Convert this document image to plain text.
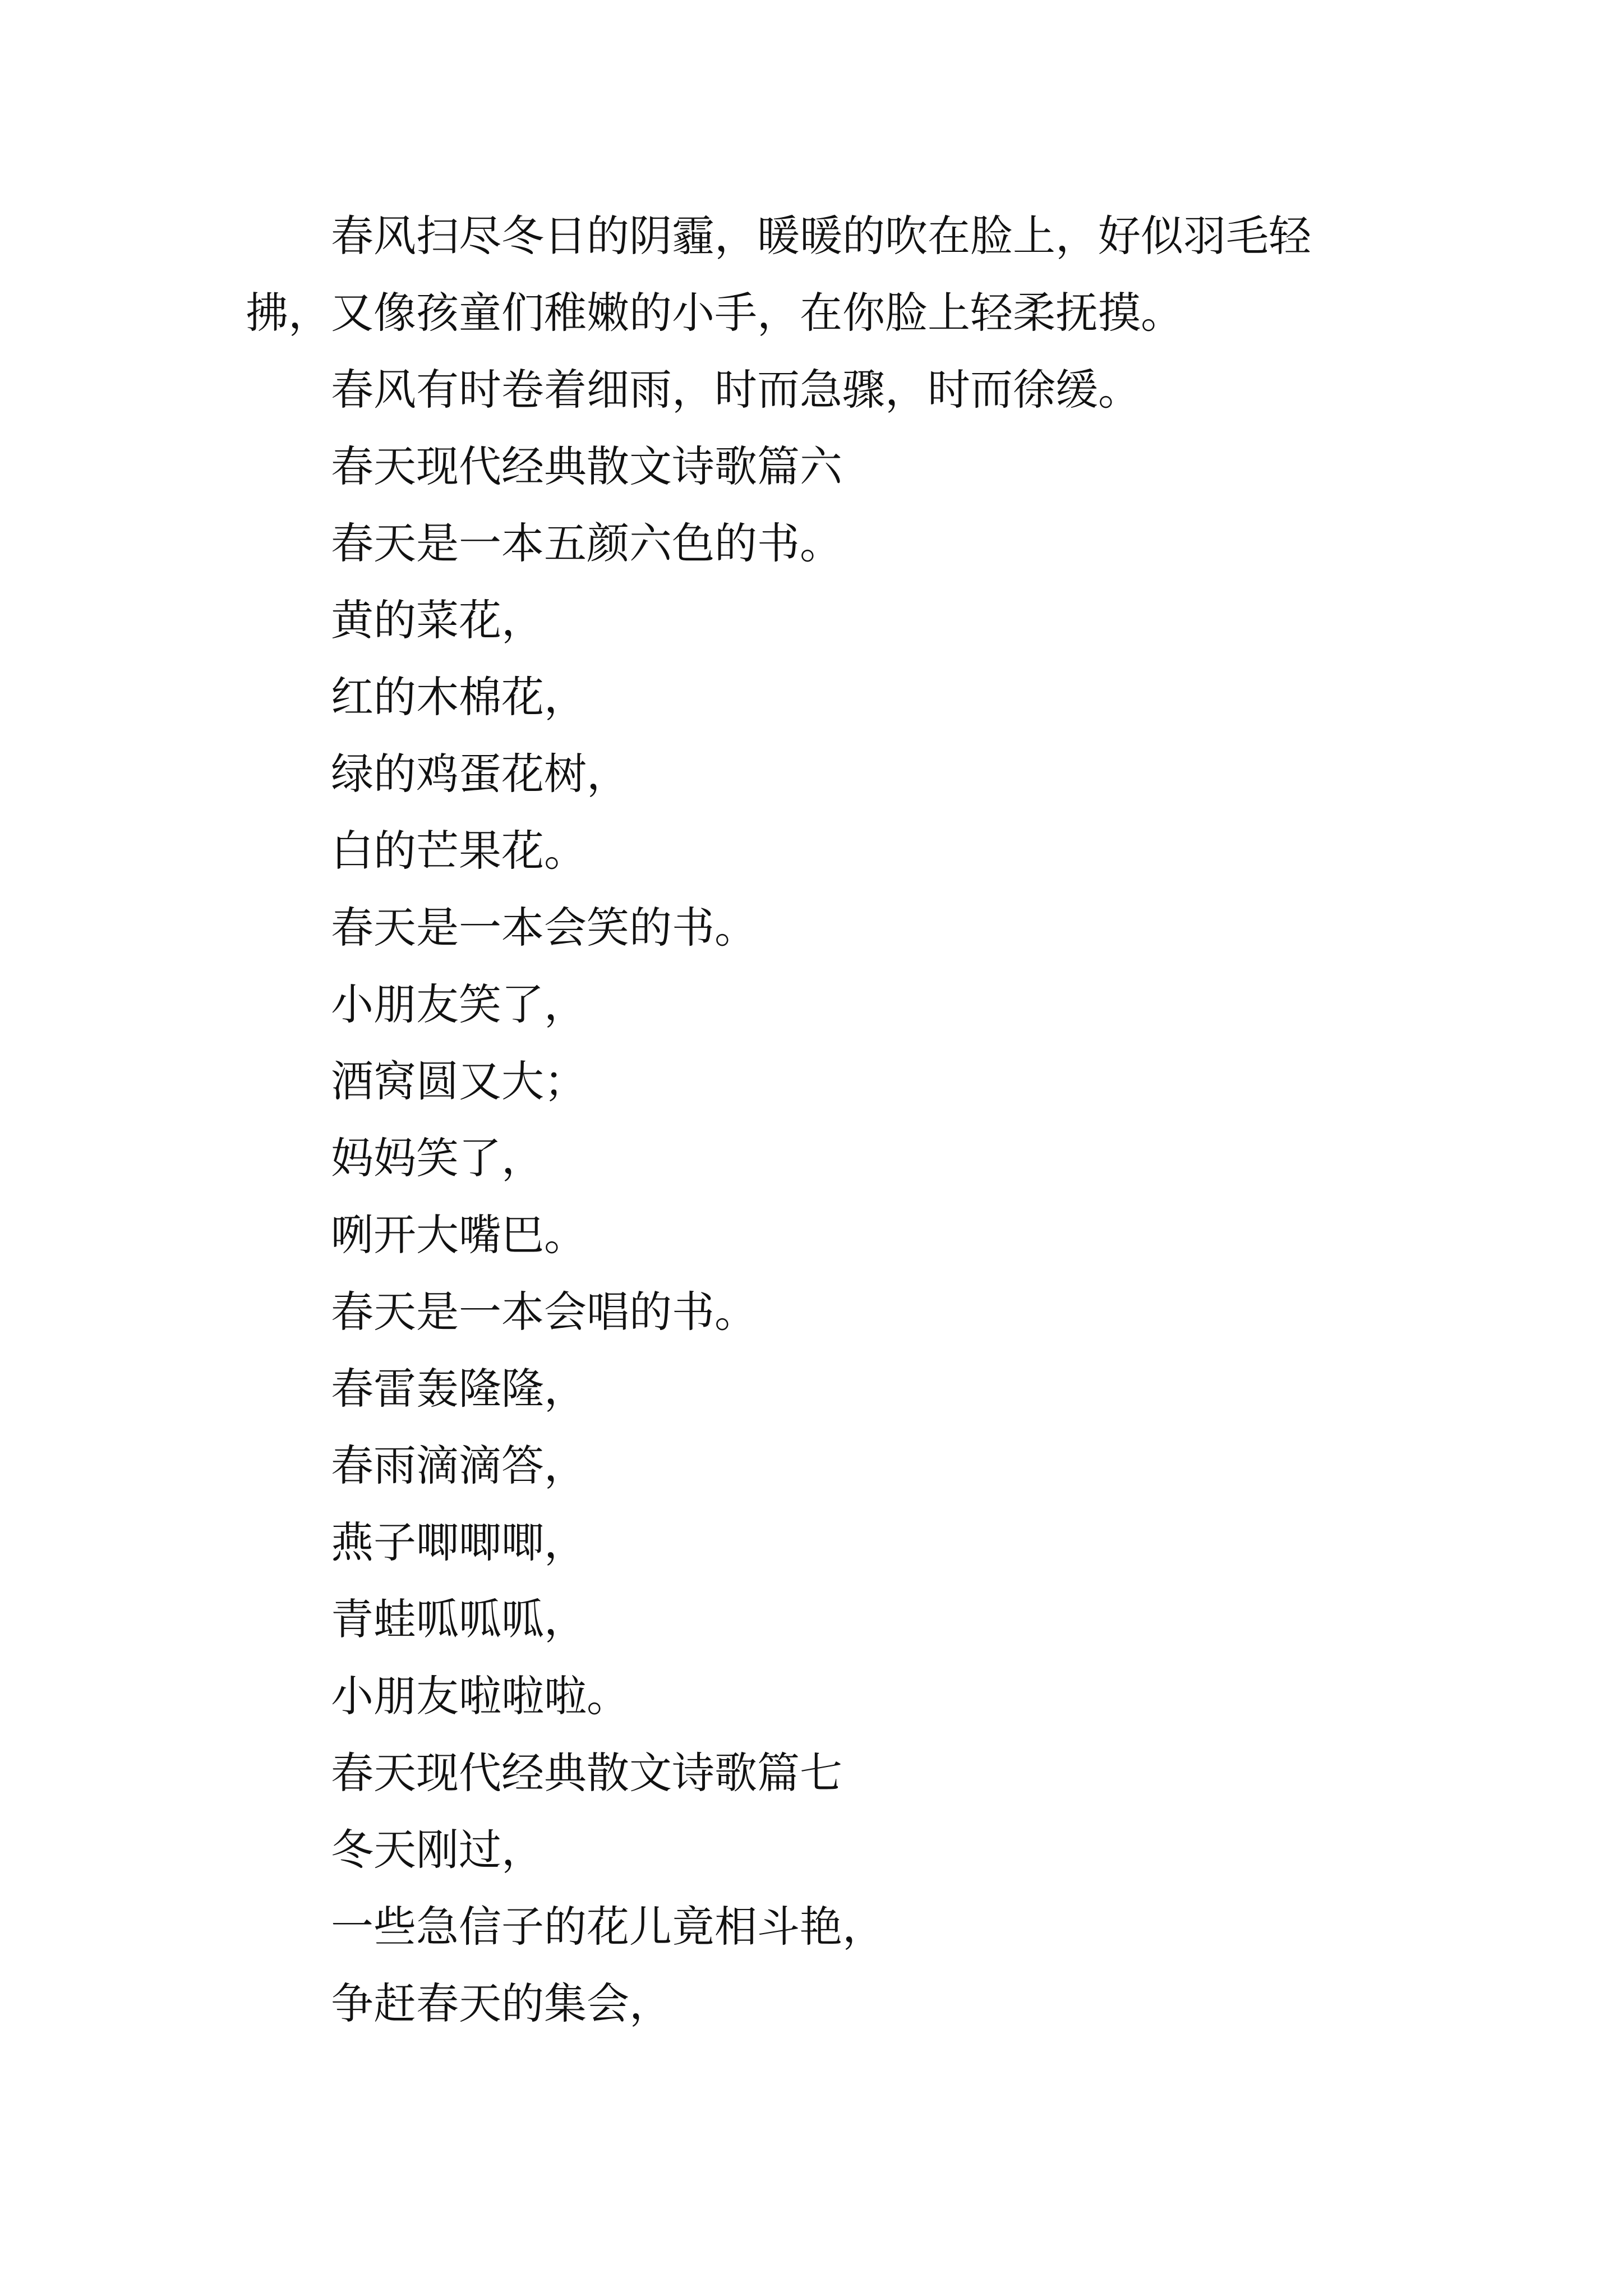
春风扫尽冬日的阴霾，暖暖的吹在脸上，好似羽毛轻拂，又像孩童们稚嫩的小手，在你脸上轻柔抚摸。

春风有时卷着细雨，时而急骤，时而徐缓。

春天现代经典散文诗歌篇六

春天是一本五颜六色的书。

黄的菜花，

红的木棉花，

绿的鸡蛋花树，

白的芒果花。

春天是一本会笑的书。

小朋友笑了，

酒窝圆又大；

妈妈笑了，

咧开大嘴巴。

春天是一本会唱的书。

春雷轰隆隆，

春雨滴滴答，

燕子唧唧唧，

青蛙呱呱呱，

小朋友啦啦啦。

春天现代经典散文诗歌篇七

冬天刚过，

一些急信子的花儿竟相斗艳，

争赶春天的集会，
